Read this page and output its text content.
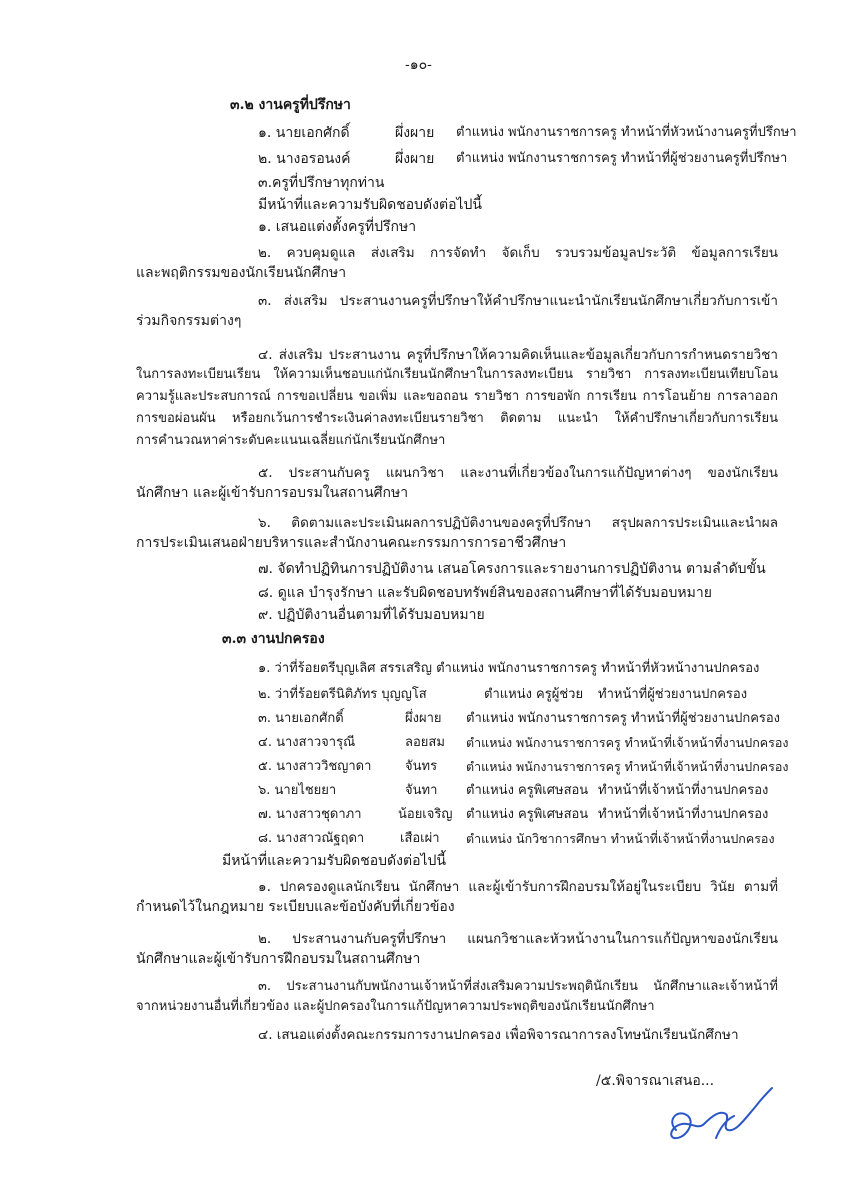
-๑๐-
๓.๒ งานครูที่ปรึกษา
๑. นายเอกศักดิ์	ผึ่งผาย ตำแหน่ง พนักงานราชการครู ทำหน้าที่หัวหน้างานครูที่ปรึกษา
๒. นางอรอนงค์	ผึ่งผาย ตำแหน่ง พนักงานราชการครู ทำหน้าที่ผู้ช่วยงานครูที่ปรึกษา
๓.ครูที่ปรึกษาทุกท่าน
มีหน้าที่และความรับผิดชอบดังต่อไปนี้
๑. เสนอแต่งตั้งครูที่ปรึกษา
๒. ควบคุมดูแล ส่งเสริม การจัดทำ จัดเก็บ รวบรวมข้อมูลประวัติ ข้อมูลการเรียน
และพฤติกรรมของนักเรียนนักศึกษา
๓. ส่งเสริม ประสานงานครูที่ปรึกษาให้คำปรึกษาแนะนำนักเรียนนักศึกษาเกี่ยวกับการเข้า
ร่วมกิจกรรมต่างๆ
๔. ส่งเสริม ประสานงาน ครูที่ปรึกษาให้ความคิดเห็นและข้อมูลเกี่ยวกับการกำหนดรายวิชา
ในการลงทะเบียนเรียน ให้ความเห็นชอบแก่นักเรียนนักศึกษาในการลงทะเบียน รายวิชา การลงทะเบียนเทียบโอน
ความรู้และประสบการณ์ การขอเปลี่ยน ขอเพิ่ม และขอถอน รายวิชา การขอพัก การเรียน การโอนย้าย การลาออก
การขอผ่อนผัน หรือยกเว้นการชำระเงินค่าลงทะเบียนรายวิชา ติดตาม แนะนำ ให้คำปรึกษาเกี่ยวกับการเรียน
การคำนวณหาค่าระดับคะแนนเฉลี่ยแก่นักเรียนนักศึกษา
๕. ประสานกับครู แผนกวิชา และงานที่เกี่ยวข้องในการแก้ปัญหาต่างๆ ของนักเรียน
นักศึกษา และผู้เข้ารับการอบรมในสถานศึกษา
๖. ติดตามและประเมินผลการปฏิบัติงานของครูที่ปรึกษา สรุปผลการประเมินและนำผล
การประเมินเสนอฝ่ายบริหารและสำนักงานคณะกรรมการการอาชีวศึกษา
๗. จัดทำปฏิทินการปฏิบัติงาน เสนอโครงการและรายงานการปฏิบัติงาน ตามลำดับขั้น
๘. ดูแล บำรุงรักษา และรับผิดชอบทรัพย์สินของสถานศึกษาที่ได้รับมอบหมาย
๙. ปฏิบัติงานอื่นตามที่ได้รับมอบหมาย
๓.๓ งานปกครอง
๑. ว่าที่ร้อยตรีบุญเลิศ สรรเสริญ ตำแหน่ง พนักงานราชการครู ทำหน้าที่หัวหน้างานปกครอง
๒. ว่าที่ร้อยตรีนิติภัทร บุญญโส	ตำแหน่ง ครูผู้ช่วย ทำหน้าที่ผู้ช่วยงานปกครอง
๓. นายเอกศักดิ์	ผึ่งผาย ตำแหน่ง พนักงานราชการครู ทำหน้าที่ผู้ช่วยงานปกครอง
๔. นางสาวจารุณี	ลอยสม ตำแหน่ง พนักงานราชการครู ทำหน้าที่เจ้าหน้าที่งานปกครอง
๕. นางสาววิชญาดา	จันทร ตำแหน่ง พนักงานราชการครู ทำหน้าที่เจ้าหน้าที่งานปกครอง
๖. นายไชยยา	จันทา ตำแหน่ง ครูพิเศษสอน ทำหน้าที่เจ้าหน้าที่งานปกครอง
๗. นางสาวชุดาภา	น้อยเจริญ ตำแหน่ง ครูพิเศษสอน ทำหน้าที่เจ้าหน้าที่งานปกครอง
๘. นางสาวณัฐฤดา	เสือเผ่า ตำแหน่ง นักวิชาการศึกษา ทำหน้าที่เจ้าหน้าที่งานปกครอง
มีหน้าที่และความรับผิดชอบดังต่อไปนี้
๑. ปกครองดูแลนักเรียน นักศึกษา และผู้เข้ารับการฝึกอบรมให้อยู่ในระเบียบ วินัย ตามที่
กำหนดไว้ในกฎหมาย ระเบียบและข้อบังคับที่เกี่ยวข้อง
๒. ประสานงานกับครูที่ปรึกษา แผนกวิชาและหัวหน้างานในการแก้ปัญหาของนักเรียน
นักศึกษาและผู้เข้ารับการฝึกอบรมในสถานศึกษา
๓. ประสานงานกับพนักงานเจ้าหน้าที่ส่งเสริมความประพฤตินักเรียน นักศึกษาและเจ้าหน้าที่
จากหน่วยงานอื่นที่เกี่ยวข้อง และผู้ปกครองในการแก้ปัญหาความประพฤติของนักเรียนนักศึกษา
๔. เสนอแต่งตั้งคณะกรรมการงานปกครอง เพื่อพิจารณาการลงโทษนักเรียนนักศึกษา
/๕.พิจารณาเสนอ...
